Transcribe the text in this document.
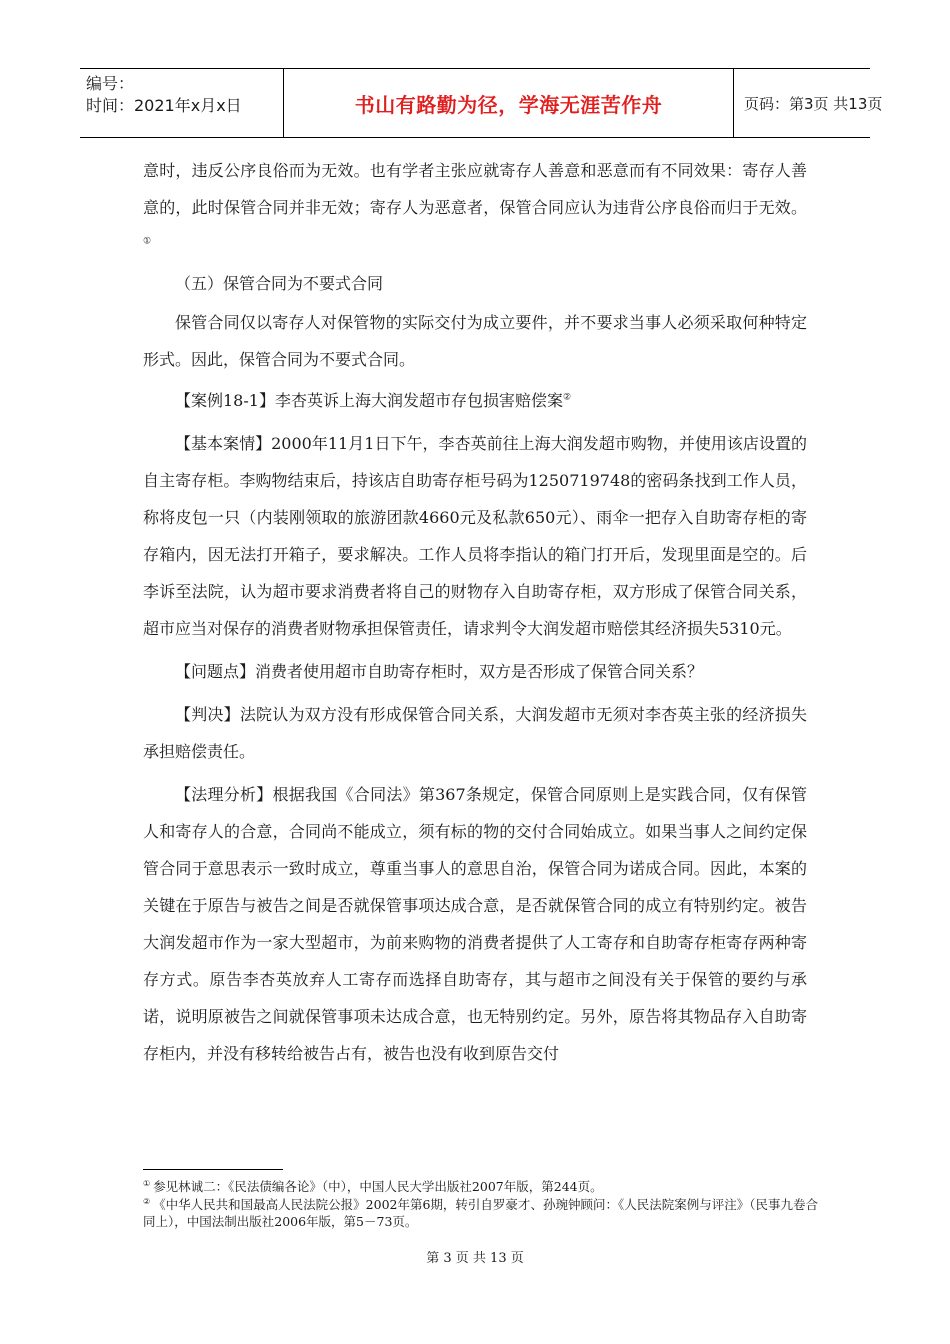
编号：
时间：2021年x月x日	书山有路勤为径，学海无涯苦作舟	页码：第3页 共13页

意时，违反公序良俗而为无效。也有学者主张应就寄存人善意和恶意而有不同效果：寄存人善意的，此时保管合同并非无效；寄存人为恶意者，保管合同应认为违背公序良俗而归于无效。①

（五）保管合同为不要式合同

保管合同仅以寄存人对保管物的实际交付为成立要件，并不要求当事人必须采取何种特定形式。因此，保管合同为不要式合同。

【案例18-1】李杏英诉上海大润发超市存包损害赔偿案②

【基本案情】2000年11月1日下午，李杏英前往上海大润发超市购物，并使用该店设置的自主寄存柜。李购物结束后，持该店自助寄存柜号码为1250719748的密码条找到工作人员，称将皮包一只（内装刚领取的旅游团款4660元及私款650元）、雨伞一把存入自助寄存柜的寄存箱内，因无法打开箱子，要求解决。工作人员将李指认的箱门打开后，发现里面是空的。后李诉至法院，认为超市要求消费者将自己的财物存入自助寄存柜，双方形成了保管合同关系，超市应当对保存的消费者财物承担保管责任，请求判令大润发超市赔偿其经济损失5310元。

【问题点】消费者使用超市自助寄存柜时，双方是否形成了保管合同关系？

【判决】法院认为双方没有形成保管合同关系，大润发超市无须对李杏英主张的经济损失承担赔偿责任。

【法理分析】根据我国《合同法》第367条规定，保管合同原则上是实践合同，仅有保管人和寄存人的合意，合同尚不能成立，须有标的物的交付合同始成立。如果当事人之间约定保管合同于意思表示一致时成立，尊重当事人的意思自治，保管合同为诺成合同。因此，本案的关键在于原告与被告之间是否就保管事项达成合意，是否就保管合同的成立有特别约定。被告大润发超市作为一家大型超市，为前来购物的消费者提供了人工寄存和自助寄存柜寄存两种寄存方式。原告李杏英放弃人工寄存而选择自助寄存，其与超市之间没有关于保管的要约与承诺，说明原被告之间就保管事项未达成合意，也无特别约定。另外，原告将其物品存入自助寄存柜内，并没有移转给被告占有，被告也没有收到原告交付

① 参见林诚二：《民法债编各论》（中），中国人民大学出版社2007年版，第244页。
② 《中华人民共和国最高人民法院公报》2002年第6期，转引自罗豪才、孙琬钟顾问：《人民法院案例与评注》（民事九卷合同上），中国法制出版社2006年版，第5－73页。
第 3 页 共 13 页
